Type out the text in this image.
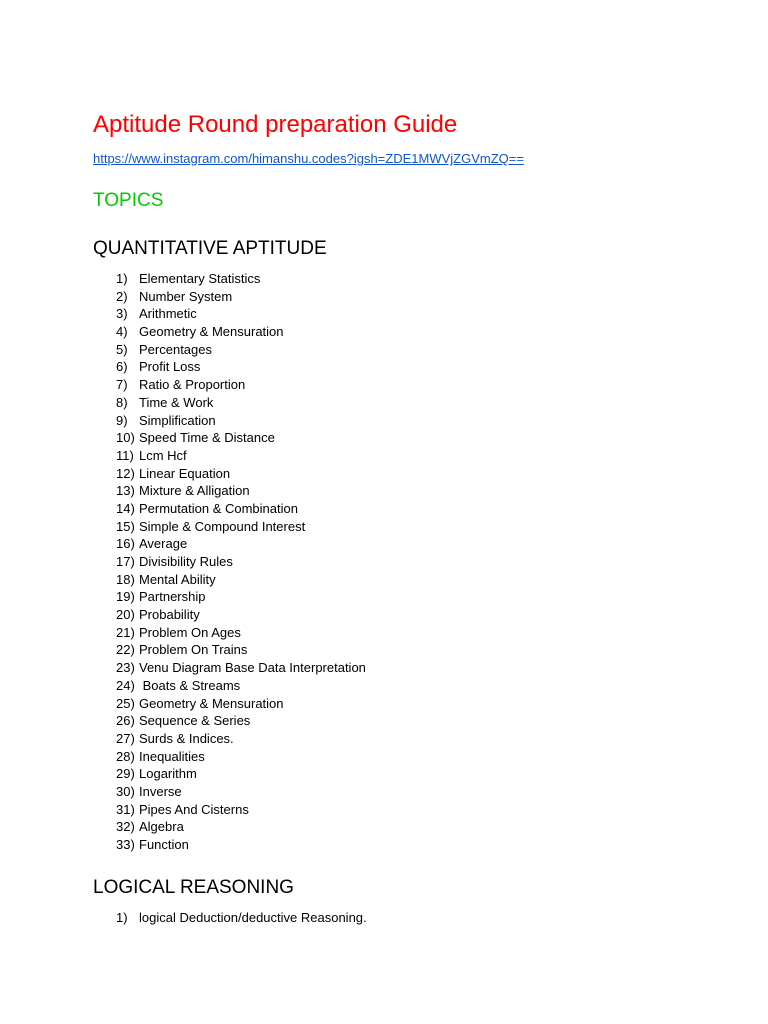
Aptitude Round preparation Guide
https://www.instagram.com/himanshu.codes?igsh=ZDE1MWVjZGVmZQ==
TOPICS
QUANTITATIVE APTITUDE
1) Elementary Statistics
2) Number System
3) Arithmetic
4) Geometry & Mensuration
5) Percentages
6) Profit Loss
7) Ratio & Proportion
8) Time & Work
9) Simplification
10) Speed Time & Distance
11) Lcm Hcf
12) Linear Equation
13) Mixture & Alligation
14) Permutation & Combination
15) Simple & Compound Interest
16) Average
17) Divisibility Rules
18) Mental Ability
19) Partnership
20) Probability
21) Problem On Ages
22) Problem On Trains
23) Venu Diagram Base Data Interpretation
24) Boats & Streams
25) Geometry & Mensuration
26) Sequence & Series
27) Surds & Indices.
28) Inequalities
29) Logarithm
30) Inverse
31) Pipes And Cisterns
32) Algebra
33) Function
LOGICAL REASONING
1) logical Deduction/deductive Reasoning.
